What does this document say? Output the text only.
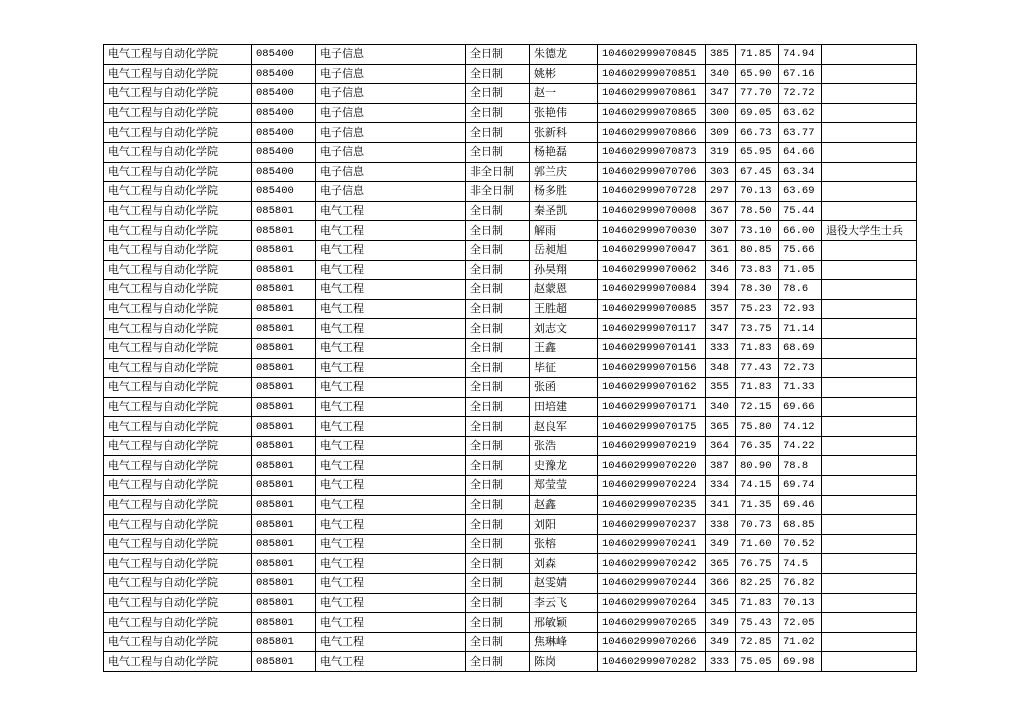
电气工程与自动化学院	085400	电子信息	全日制	朱德龙	104602999070845	385	71.85	74.94	
电气工程与自动化学院	085400	电子信息	全日制	姚彬	104602999070851	340	65.90	67.16	
电气工程与自动化学院	085400	电子信息	全日制	赵一	104602999070861	347	77.70	72.72	
电气工程与自动化学院	085400	电子信息	全日制	张艳伟	104602999070865	300	69.05	63.62	
电气工程与自动化学院	085400	电子信息	全日制	张新科	104602999070866	309	66.73	63.77	
电气工程与自动化学院	085400	电子信息	全日制	杨艳磊	104602999070873	319	65.95	64.66	
电气工程与自动化学院	085400	电子信息	非全日制	郭兰庆	104602999070706	303	67.45	63.34	
电气工程与自动化学院	085400	电子信息	非全日制	杨多胜	104602999070728	297	70.13	63.69	
电气工程与自动化学院	085801	电气工程	全日制	秦圣凯	104602999070008	367	78.50	75.44	
电气工程与自动化学院	085801	电气工程	全日制	解雨	104602999070030	307	73.10	66.00	退役大学生士兵
电气工程与自动化学院	085801	电气工程	全日制	岳昶旭	104602999070047	361	80.85	75.66	
电气工程与自动化学院	085801	电气工程	全日制	孙昊翔	104602999070062	346	73.83	71.05	
电气工程与自动化学院	085801	电气工程	全日制	赵蒙恩	104602999070084	394	78.30	78.6	
电气工程与自动化学院	085801	电气工程	全日制	王胜超	104602999070085	357	75.23	72.93	
电气工程与自动化学院	085801	电气工程	全日制	刘志文	104602999070117	347	73.75	71.14	
电气工程与自动化学院	085801	电气工程	全日制	王鑫	104602999070141	333	71.83	68.69	
电气工程与自动化学院	085801	电气工程	全日制	毕征	104602999070156	348	77.43	72.73	
电气工程与自动化学院	085801	电气工程	全日制	张函	104602999070162	355	71.83	71.33	
电气工程与自动化学院	085801	电气工程	全日制	田培建	104602999070171	340	72.15	69.66	
电气工程与自动化学院	085801	电气工程	全日制	赵良军	104602999070175	365	75.80	74.12	
电气工程与自动化学院	085801	电气工程	全日制	张浩	104602999070219	364	76.35	74.22	
电气工程与自动化学院	085801	电气工程	全日制	史豫龙	104602999070220	387	80.90	78.8	
电气工程与自动化学院	085801	电气工程	全日制	郑莹莹	104602999070224	334	74.15	69.74	
电气工程与自动化学院	085801	电气工程	全日制	赵鑫	104602999070235	341	71.35	69.46	
电气工程与自动化学院	085801	电气工程	全日制	刘阳	104602999070237	338	70.73	68.85	
电气工程与自动化学院	085801	电气工程	全日制	张榕	104602999070241	349	71.60	70.52	
电气工程与自动化学院	085801	电气工程	全日制	刘森	104602999070242	365	76.75	74.5	
电气工程与自动化学院	085801	电气工程	全日制	赵雯婧	104602999070244	366	82.25	76.82	
电气工程与自动化学院	085801	电气工程	全日制	李云飞	104602999070264	345	71.83	70.13	
电气工程与自动化学院	085801	电气工程	全日制	邢敏颖	104602999070265	349	75.43	72.05	
电气工程与自动化学院	085801	电气工程	全日制	焦琳峰	104602999070266	349	72.85	71.02	
电气工程与自动化学院	085801	电气工程	全日制	陈岗	104602999070282	333	75.05	69.98	
